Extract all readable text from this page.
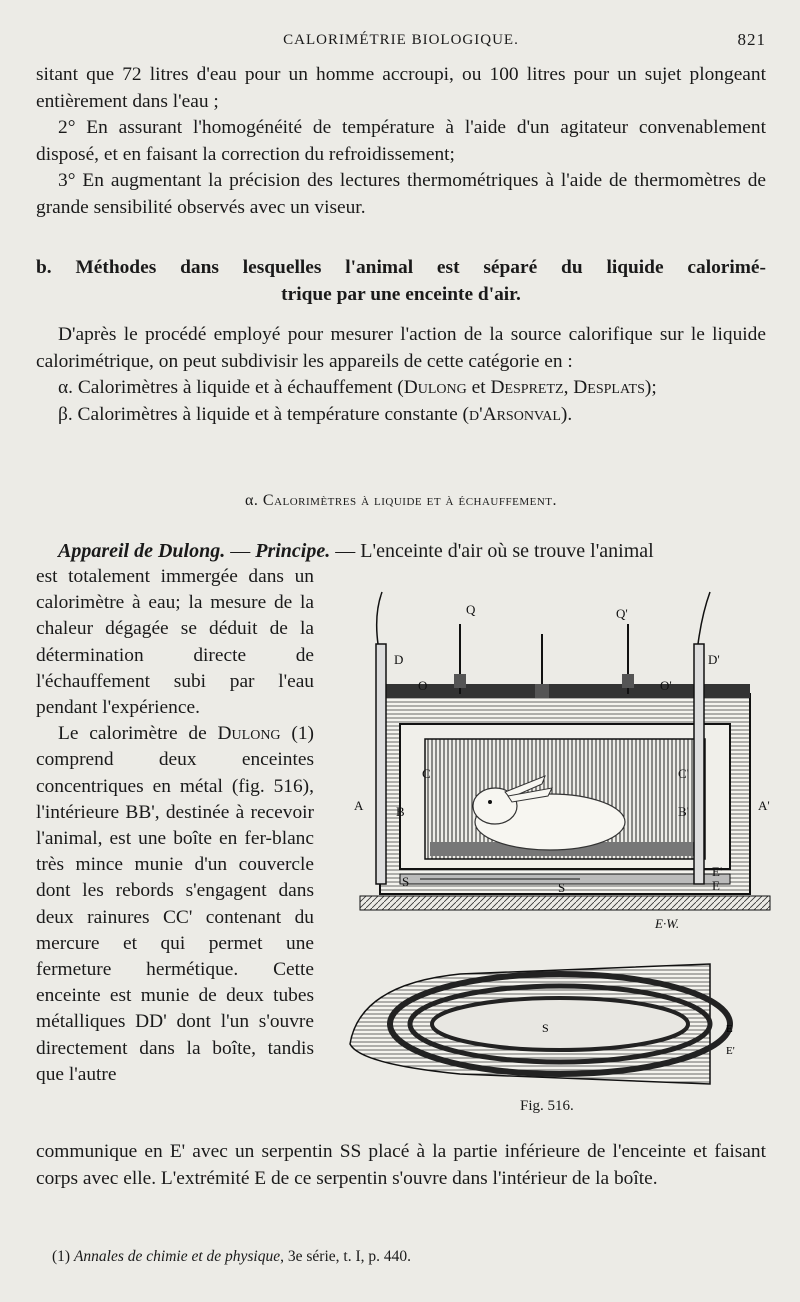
CALORIMÉTRIE BIOLOGIQUE.	821

sitant que 72 litres d'eau pour un homme accroupi, ou 100 litres pour un sujet plongeant entièrement dans l'eau ;

2° En assurant l'homogénéité de température à l'aide d'un agitateur convenablement disposé, et en faisant la correction du refroidissement;

3° En augmentant la précision des lectures thermométriques à l'aide de thermomètres de grande sensibilité observés avec un viseur.

b. Méthodes dans lesquelles l'animal est séparé du liquide calorimé-
trique par une enceinte d'air.

D'après le procédé employé pour mesurer l'action de la source calorifique sur le liquide calorimétrique, on peut subdivisir les appareils de cette catégorie en :

α. Calorimètres à liquide et à échauffement (Dulong et Despretz, Desplats);

β. Calorimètres à liquide et à température constante (d'Arsonval).

α. Calorimètres à liquide et à échauffement.
Appareil de Dulong. — Principe. — L'enceinte d'air où se trouve l'animal

est totalement immergée dans un calorimètre à eau; la mesure de la chaleur dégagée se déduit de la détermination directe de l'échauffement subi par l'eau pendant l'expérience.

Le calorimètre de Dulong (1) comprend deux enceintes concentriques en métal (fig. 516), l'intérieure BB', destinée à recevoir l'animal, est une boîte en fer-blanc très mince munie d'un couvercle dont les rebords s'engagent dans deux rainures CC' contenant du mercure et qui permet une fermeture hermétique. Cette enceinte est munie de deux tubes métalliques DD' dont l'un s'ouvre directement dans la boîte, tandis que l'autre

Q	Q'
D	D'
O	O'
C	C'
A	A'
B	B'
S	S
E'
E
E·W.
S	E
E'
Fig. 516.

communique en E' avec un serpentin SS placé à la partie inférieure de l'enceinte et faisant corps avec elle. L'extrémité E de ce serpentin s'ouvre dans l'intérieur de la boîte.

(1) Annales de chimie et de physique, 3e série, t. I, p. 440.
